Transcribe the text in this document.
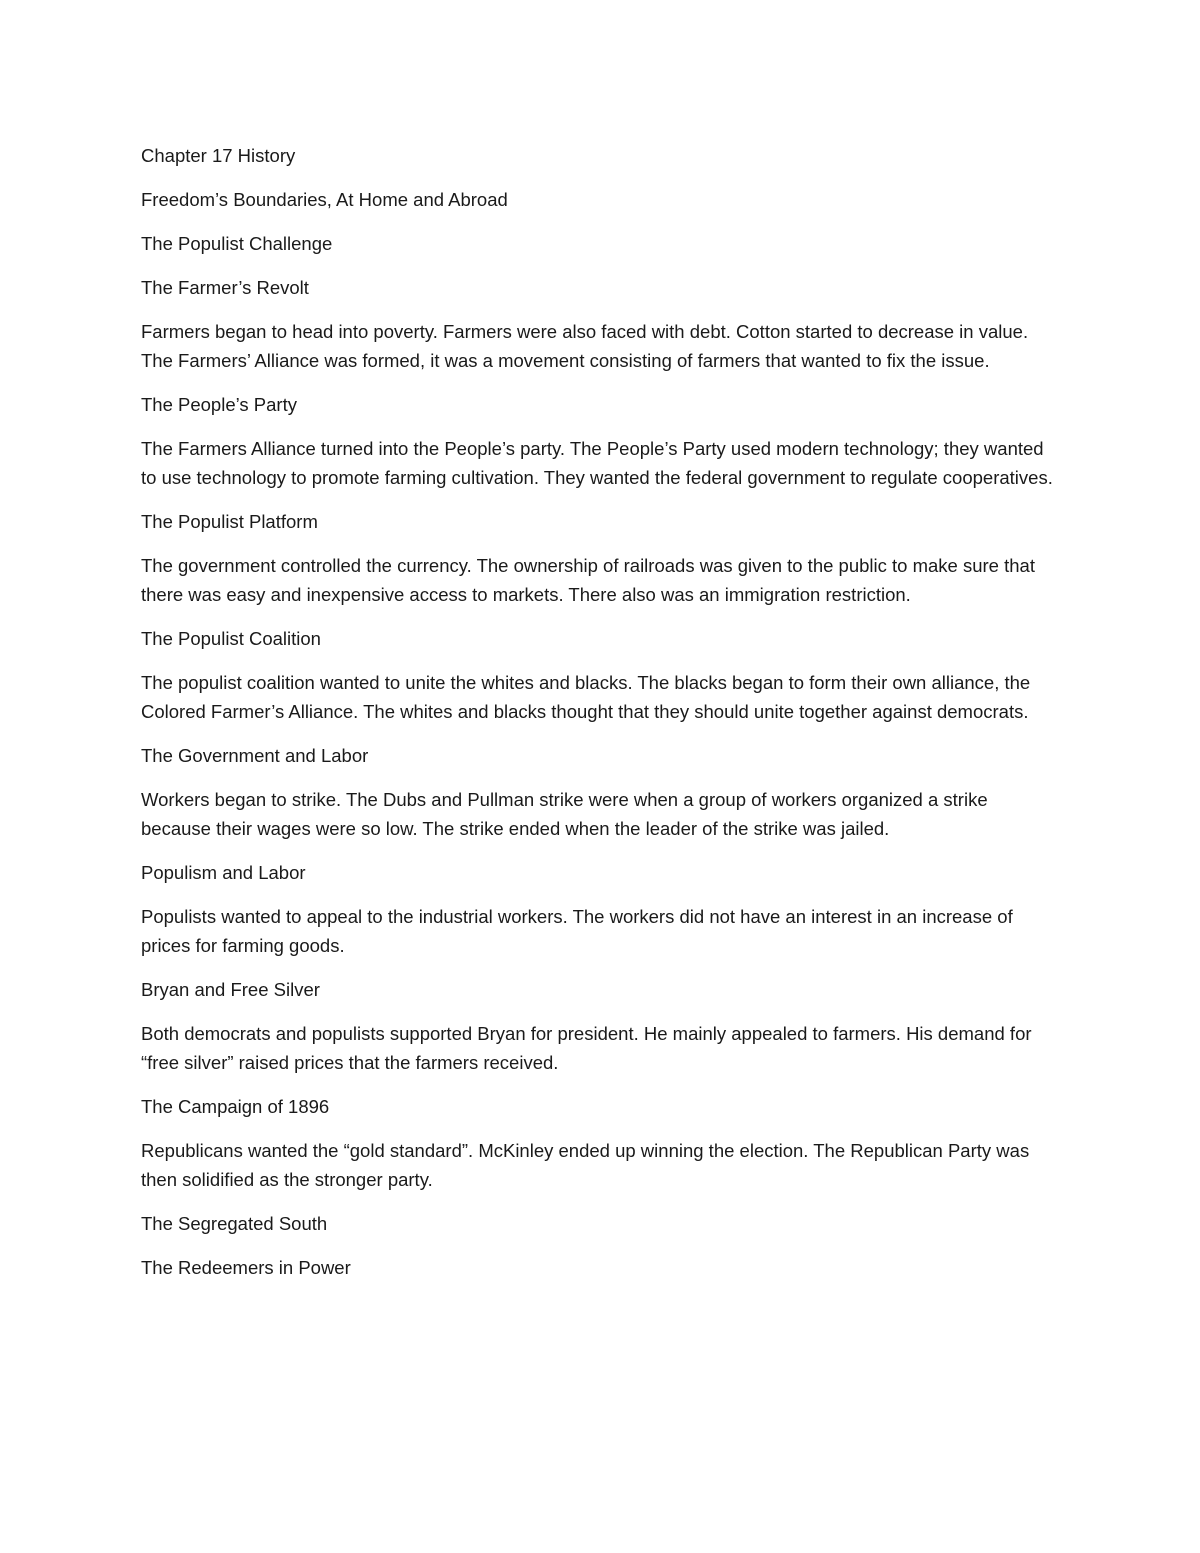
Chapter 17 History

Freedom’s Boundaries, At Home and Abroad

The Populist Challenge

The Farmer’s Revolt

Farmers began to head into poverty. Farmers were also faced with debt. Cotton started to decrease in value. The Farmers’ Alliance was formed, it was a movement consisting of farmers that wanted to fix the issue.

The People’s Party

The Farmers Alliance turned into the People’s party. The People’s Party used modern technology; they wanted to use technology to promote farming cultivation. They wanted the federal government to regulate cooperatives.

The Populist Platform

The government controlled the currency. The ownership of railroads was given to the public to make sure that there was easy and inexpensive access to markets. There also was an immigration restriction.

The Populist Coalition

The populist coalition wanted to unite the whites and blacks. The blacks began to form their own alliance, the Colored Farmer’s Alliance. The whites and blacks thought that they should unite together against democrats.

The Government and Labor

Workers began to strike. The Dubs and Pullman strike were when a group of workers organized a strike because their wages were so low. The strike ended when the leader of the strike was jailed.

Populism and Labor

Populists wanted to appeal to the industrial workers. The workers did not have an interest in an increase of prices for farming goods.

Bryan and Free Silver

Both democrats and populists supported Bryan for president. He mainly appealed to farmers. His demand for “free silver” raised prices that the farmers received.

The Campaign of 1896

Republicans wanted the “gold standard”. McKinley ended up winning the election. The Republican Party was then solidified as the stronger party.

The Segregated South

The Redeemers in Power
